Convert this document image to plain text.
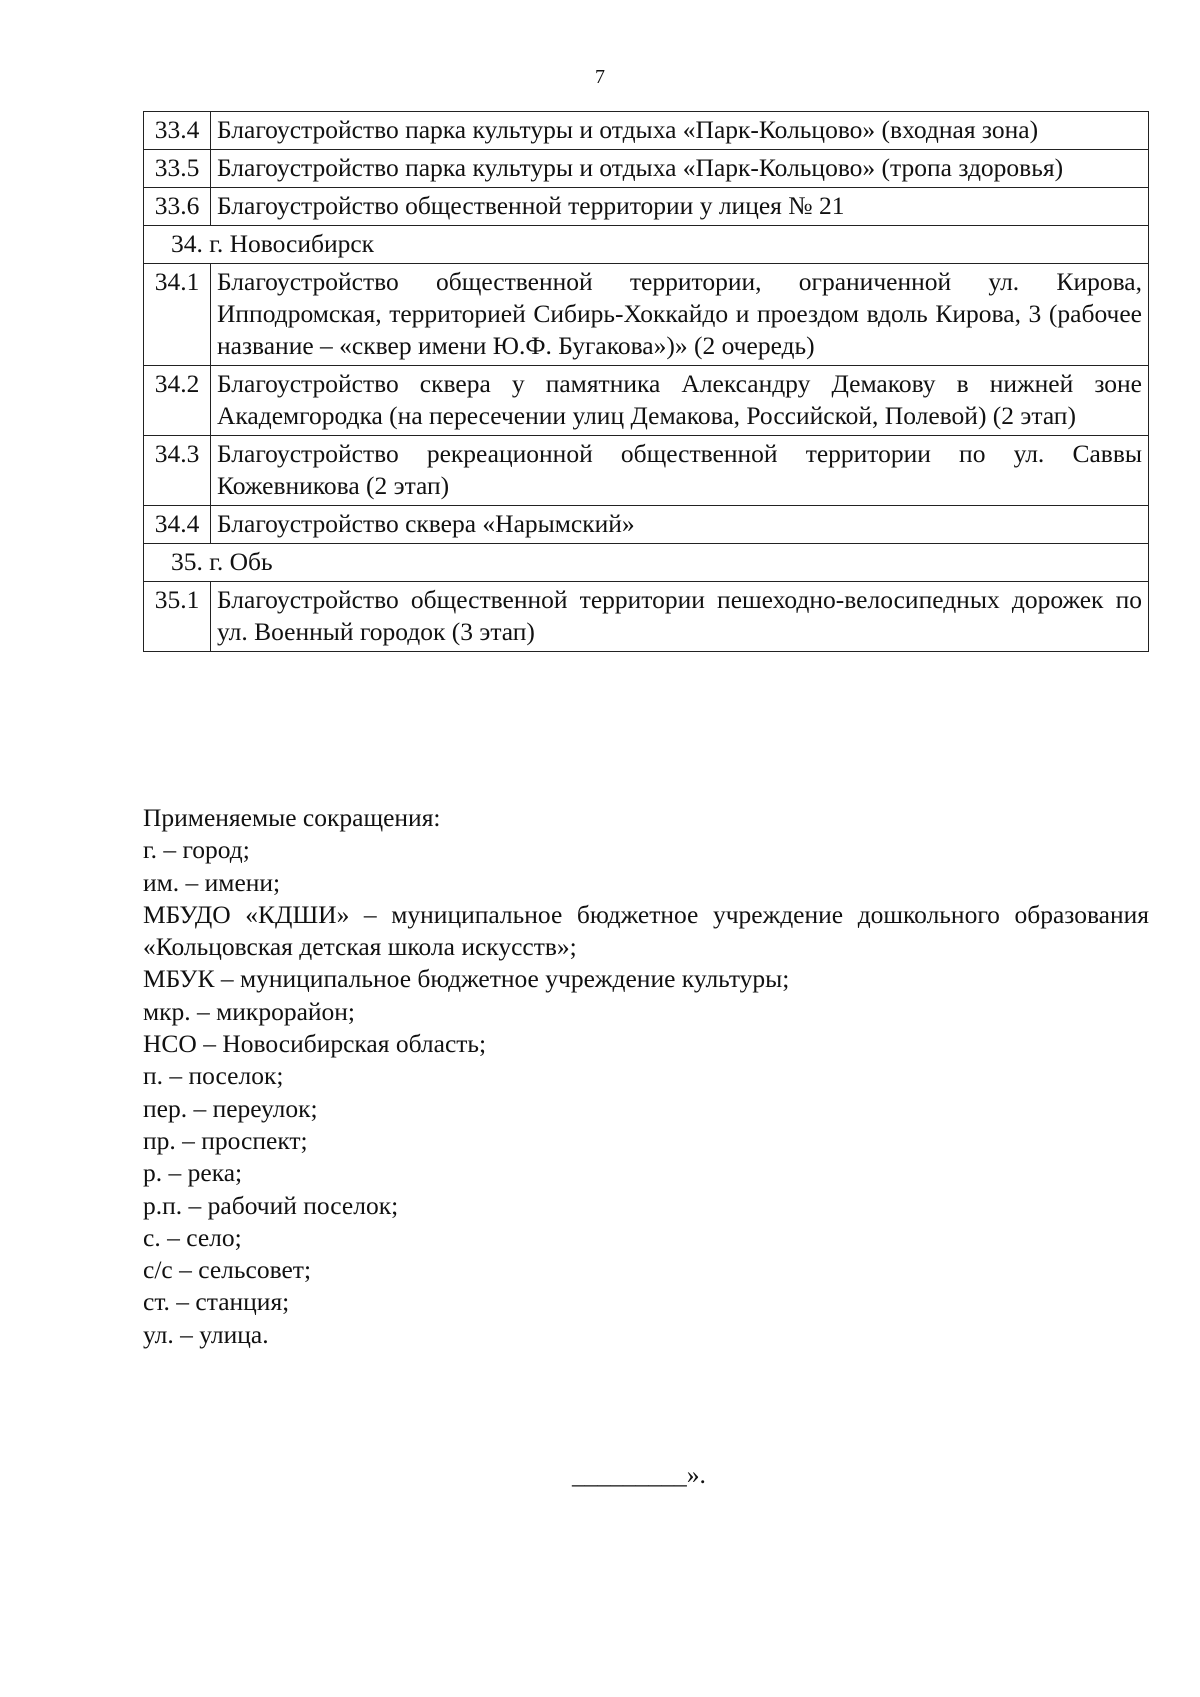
7
33.4	Благоустройство парка культуры и отдыха «Парк-Кольцово» (входная зона)
33.5	Благоустройство парка культуры и отдыха «Парк-Кольцово» (тропа здоровья)
33.6	Благоустройство общественной территории у лицея № 21
34. г. Новосибирск	
34.1	Благоустройство общественной территории, ограниченной ул. Кирова, Ипподромская, территорией Сибирь-Хоккайдо и проездом вдоль Кирова, 3 (рабочее название – «сквер имени Ю.Ф. Бугакова»)» (2 очередь)
34.2	Благоустройство сквера у памятника Александру Демакову в нижней зоне Академгородка (на пересечении улиц Демакова, Российской, Полевой) (2 этап)
34.3	Благоустройство рекреационной общественной территории по ул. Саввы Кожевникова (2 этап)
34.4	Благоустройство сквера «Нарымский»
35. г. Обь	
35.1	Благоустройство общественной территории пешеходно-велосипедных дорожек по ул. Военный городок (3 этап)
Применяемые сокращения:
г. – город;
им. – имени;
МБУДО «КДШИ» – муниципальное бюджетное учреждение дошкольного образования «Кольцовская детская школа искусств»;
МБУК – муниципальное бюджетное учреждение культуры;
мкр. – микрорайон;
НСО – Новосибирская область;
п. – поселок;
пер. – переулок;
пр. – проспект;
р. – река;
р.п. – рабочий поселок;
с. – село;
с/с – сельсовет;
ст. – станция;
ул. – улица.
_________».
